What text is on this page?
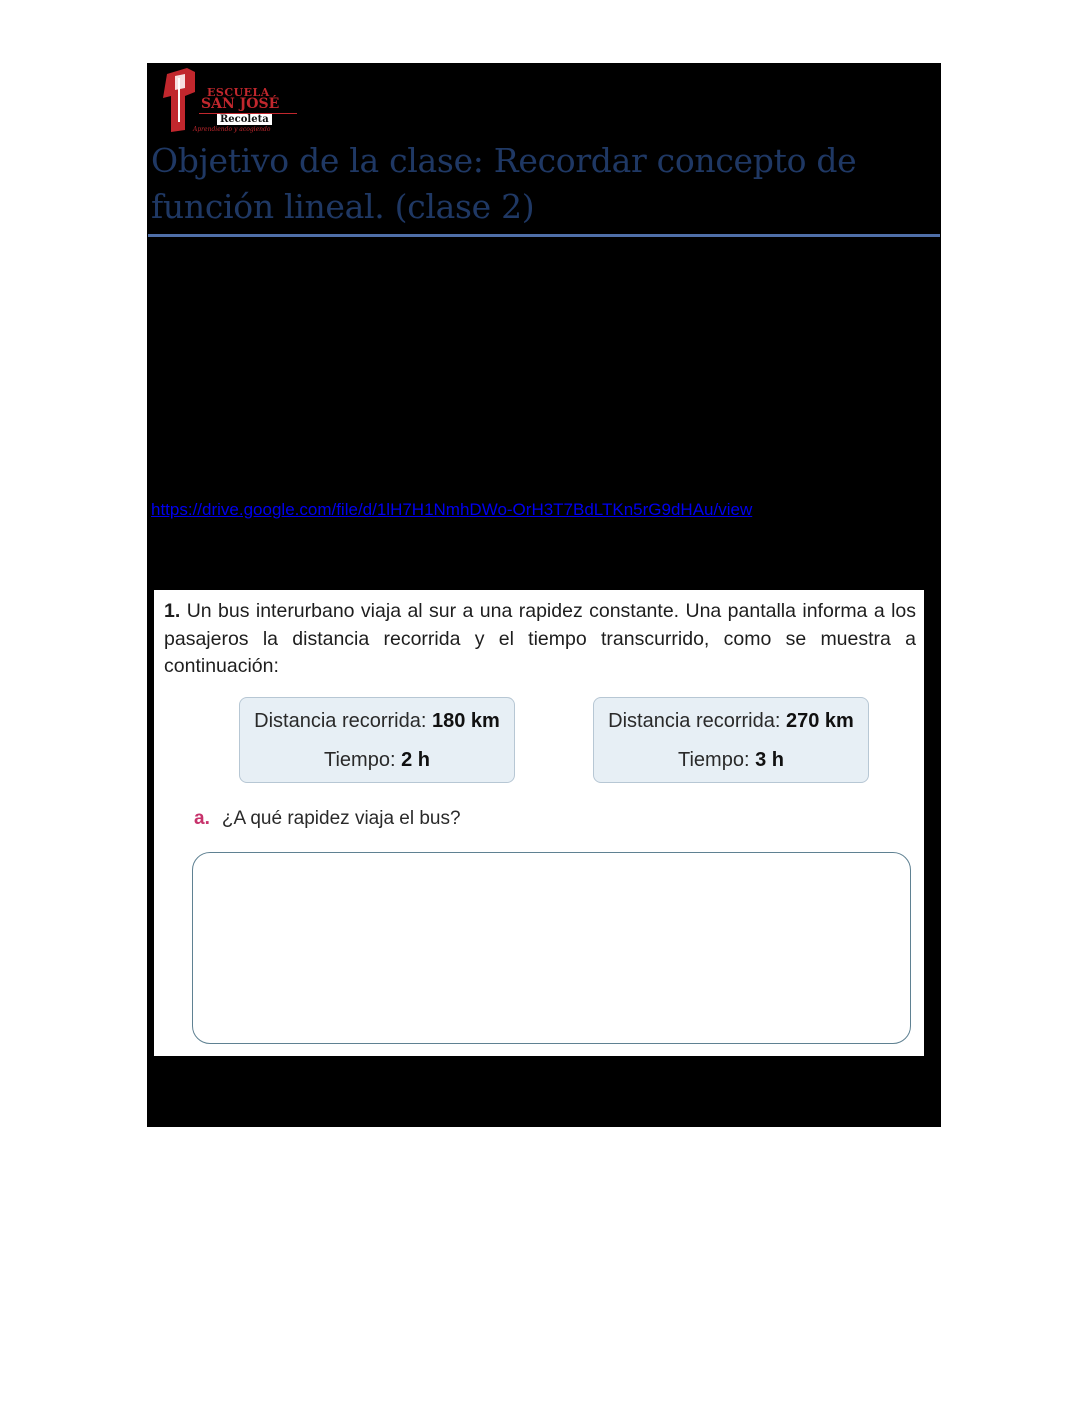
ESCUELA
SAN JOSÉ
Recoleta
Aprendiendo y acogiendo
Objetivo de la clase: Recordar concepto de función lineal. (clase 2)
https://drive.google.com/file/d/1lH7H1NmhDWo-OrH3T7BdLTKn5rG9dHAu/view

1. Un bus interurbano viaja al sur a una rapidez constante. Una pantalla informa a los pasajeros la distancia recorrida y el tiempo transcurrido, como se muestra a continuación:

Distancia recorrida: 180 km
Tiempo: 2 h
Distancia recorrida: 270 km
Tiempo: 3 h
a. ¿A qué rapidez viaja el bus?
